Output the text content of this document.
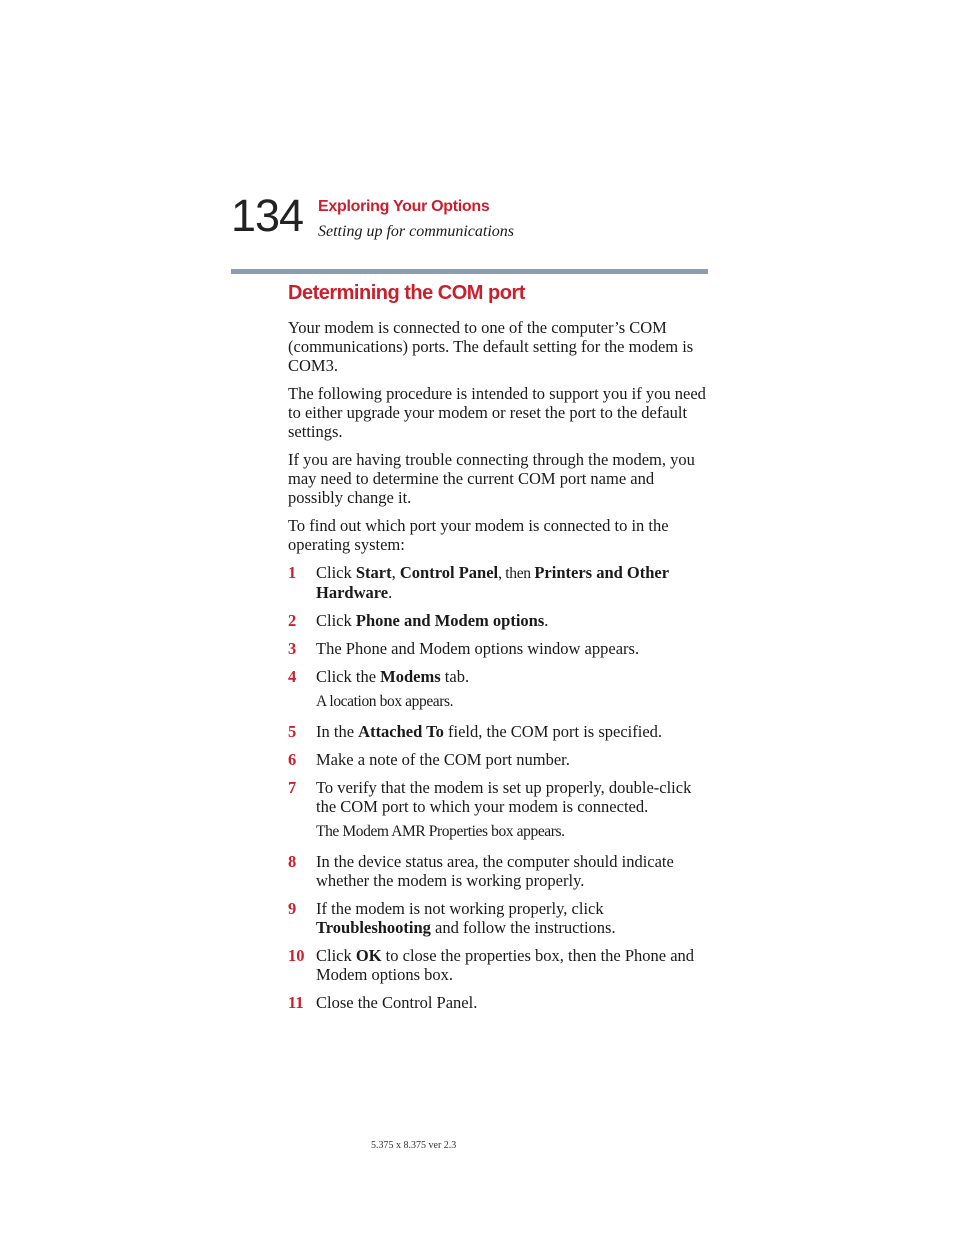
134 Exploring Your Options
Setting up for communications
Determining the COM port

Your modem is connected to one of the computer’s COM (communications) ports. The default setting for the modem is COM3.

The following procedure is intended to support you if you need to either upgrade your modem or reset the port to the default settings.

If you are having trouble connecting through the modem, you may need to determine the current COM port name and possibly change it.

To find out which port your modem is connected to in the operating system:

1 Click Start, Control Panel, then Printers and Other Hardware.
2 Click Phone and Modem options.
3 The Phone and Modem options window appears.
4 Click the Modems tab.
A location box appears.
5 In the Attached To field, the COM port is specified.
6 Make a note of the COM port number.
7 To verify that the modem is set up properly, double-click the COM port to which your modem is connected.
The Modem AMR Properties box appears.
8 In the device status area, the computer should indicate whether the modem is working properly.
9 If the modem is not working properly, click Troubleshooting and follow the instructions.
10 Click OK to close the properties box, then the Phone and Modem options box.
11 Close the Control Panel.
5.375 x 8.375 ver 2.3
